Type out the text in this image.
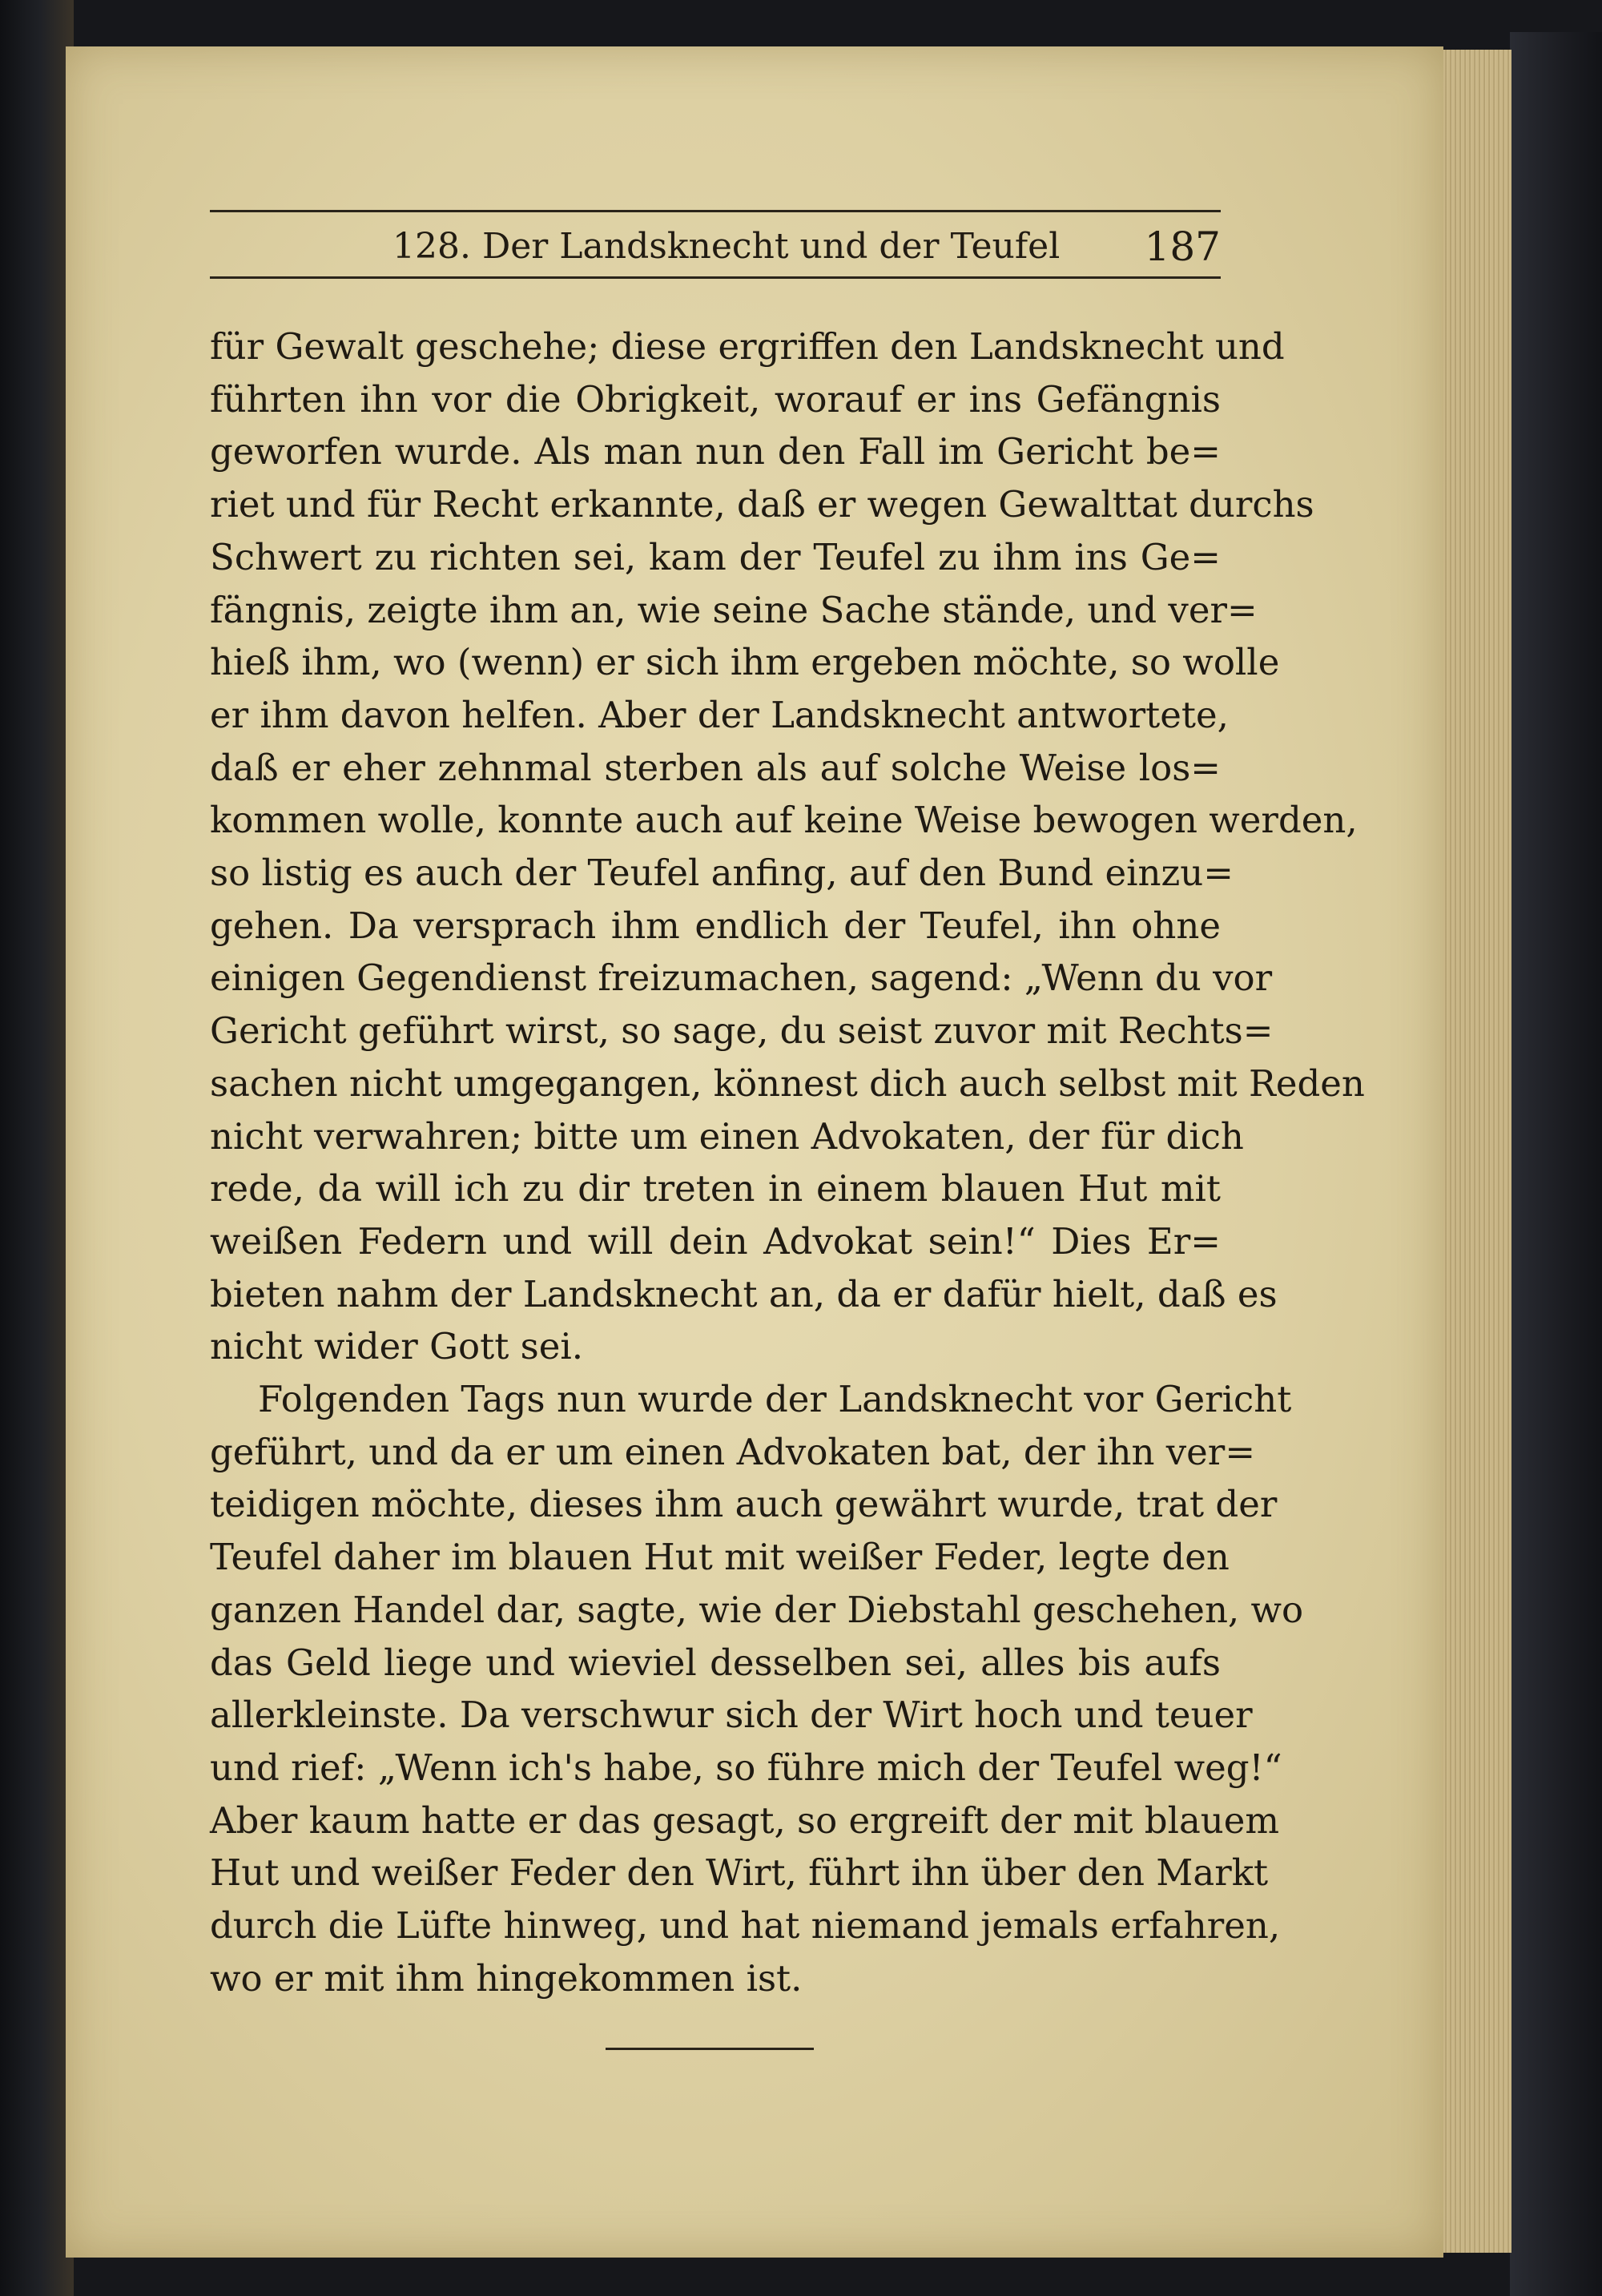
128. Der Landsknecht und der Teufel 187
für Gewalt geschehe; diese ergriffen den Landsknecht und
führten ihn vor die Obrigkeit, worauf er ins Gefängnis
geworfen wurde. Als man nun den Fall im Gericht be=
riet und für Recht erkannte, daß er wegen Gewalttat durchs
Schwert zu richten sei, kam der Teufel zu ihm ins Ge=
fängnis, zeigte ihm an, wie seine Sache stände, und ver=
hieß ihm, wo (wenn) er sich ihm ergeben möchte, so wolle
er ihm davon helfen. Aber der Landsknecht antwortete,
daß er eher zehnmal sterben als auf solche Weise los=
kommen wolle, konnte auch auf keine Weise bewogen werden,
so listig es auch der Teufel anfing, auf den Bund einzu=
gehen. Da versprach ihm endlich der Teufel, ihn ohne
einigen Gegendienst freizumachen, sagend: „Wenn du vor
Gericht geführt wirst, so sage, du seist zuvor mit Rechts=
sachen nicht umgegangen, könnest dich auch selbst mit Reden
nicht verwahren; bitte um einen Advokaten, der für dich
rede, da will ich zu dir treten in einem blauen Hut mit
weißen Federn und will dein Advokat sein!“ Dies Er=
bieten nahm der Landsknecht an, da er dafür hielt, daß es
nicht wider Gott sei.
Folgenden Tags nun wurde der Landsknecht vor Gericht
geführt, und da er um einen Advokaten bat, der ihn ver=
teidigen möchte, dieses ihm auch gewährt wurde, trat der
Teufel daher im blauen Hut mit weißer Feder, legte den
ganzen Handel dar, sagte, wie der Diebstahl geschehen, wo
das Geld liege und wieviel desselben sei, alles bis aufs
allerkleinste. Da verschwur sich der Wirt hoch und teuer
und rief: „Wenn ich's habe, so führe mich der Teufel weg!“
Aber kaum hatte er das gesagt, so ergreift der mit blauem
Hut und weißer Feder den Wirt, führt ihn über den Markt
durch die Lüfte hinweg, und hat niemand jemals erfahren,
wo er mit ihm hingekommen ist.
